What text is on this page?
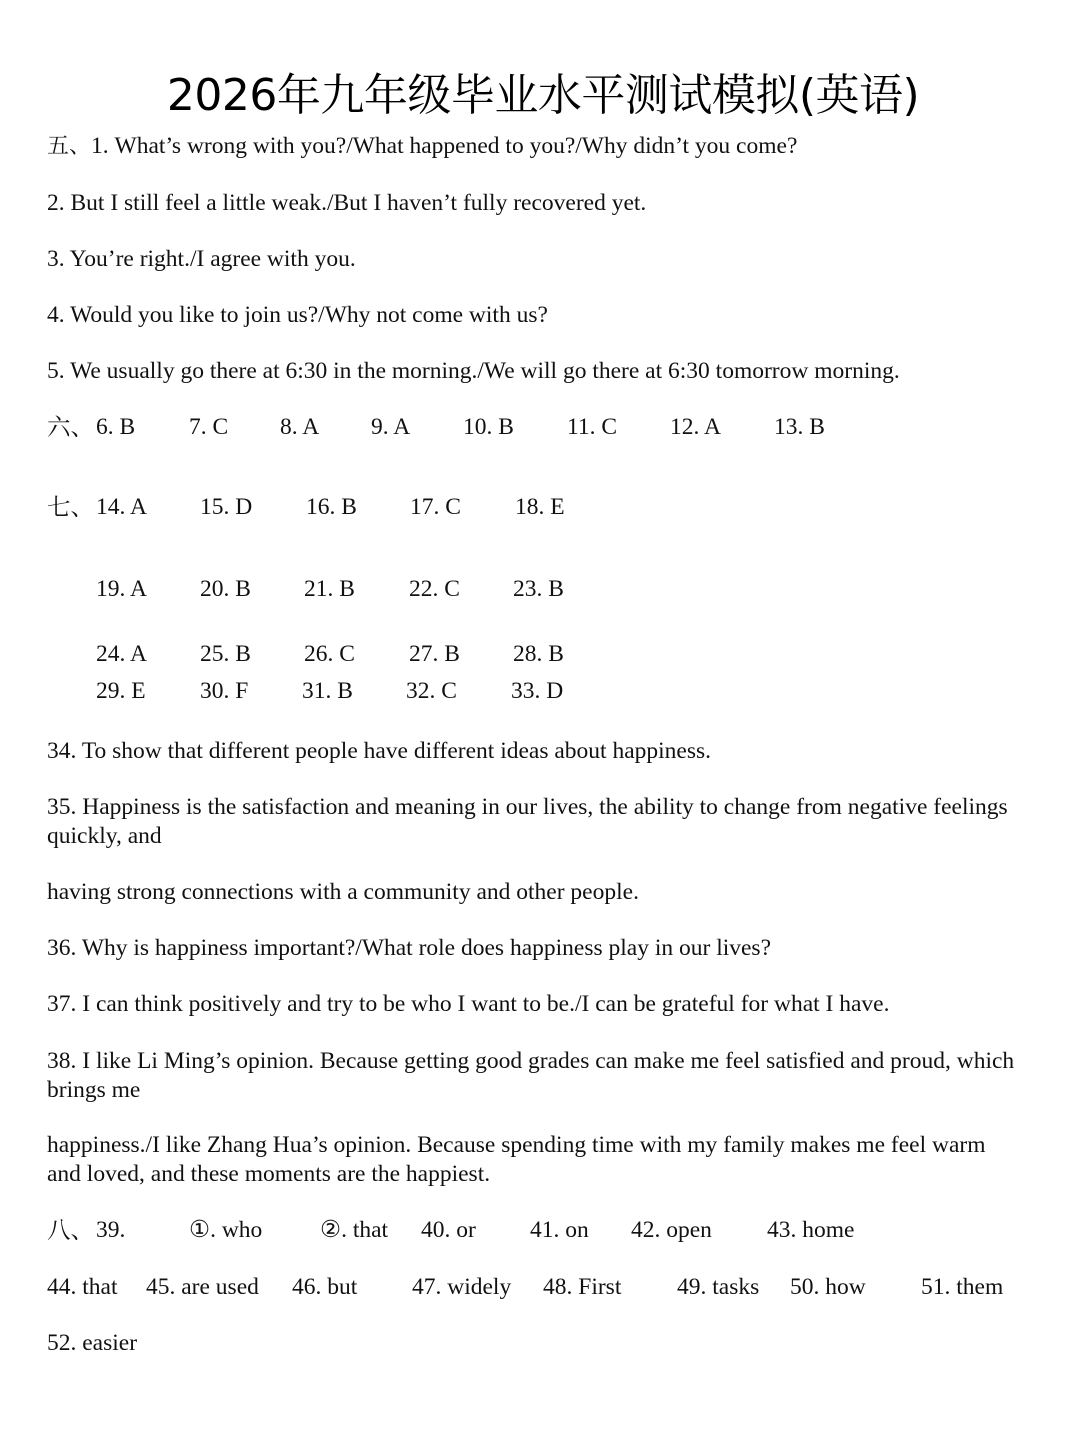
2026年九年级毕业水平测试模拟(英语)
五、1. What’s wrong with you?/What happened to you?/Why didn’t you come?
2. But I still feel a little weak./But I haven’t fully recovered yet.
3. You’re right./I agree with you.
4. Would you like to join us?/Why not come with us?
5. We usually go there at 6:30 in the morning./We will go there at 6:30 tomorrow morning.
六、 6. B 7. C 8. A 9. A 10. B 11. C 12. A 13. B
七、 14. A 15. D 16. B 17. C 18. E
19. A 20. B 21. B 22. C 23. B
24. A 25. B 26. C 27. B 28. B
29. E 30. F 31. B 32. C 33. D
34. To show that different people have different ideas about happiness.
35. Happiness is the satisfaction and meaning in our lives, the ability to change from negative feelings quickly, and
having strong connections with a community and other people.
36. Why is happiness important?/What role does happiness play in our lives?
37. I can think positively and try to be who I want to be./I can be grateful for what I have.
38. I like Li Ming’s opinion. Because getting good grades can make me feel satisfied and proud, which brings me
happiness./I like Zhang Hua’s opinion. Because spending time with my family makes me feel warm and loved, and these moments are the happiest.
八、 39.	①. who ②. that 40. or 41. on 42. open 43. home
44. that 45. are used 46. but 47. widely 48. First 49. tasks 50. how 51. them
52. easier
